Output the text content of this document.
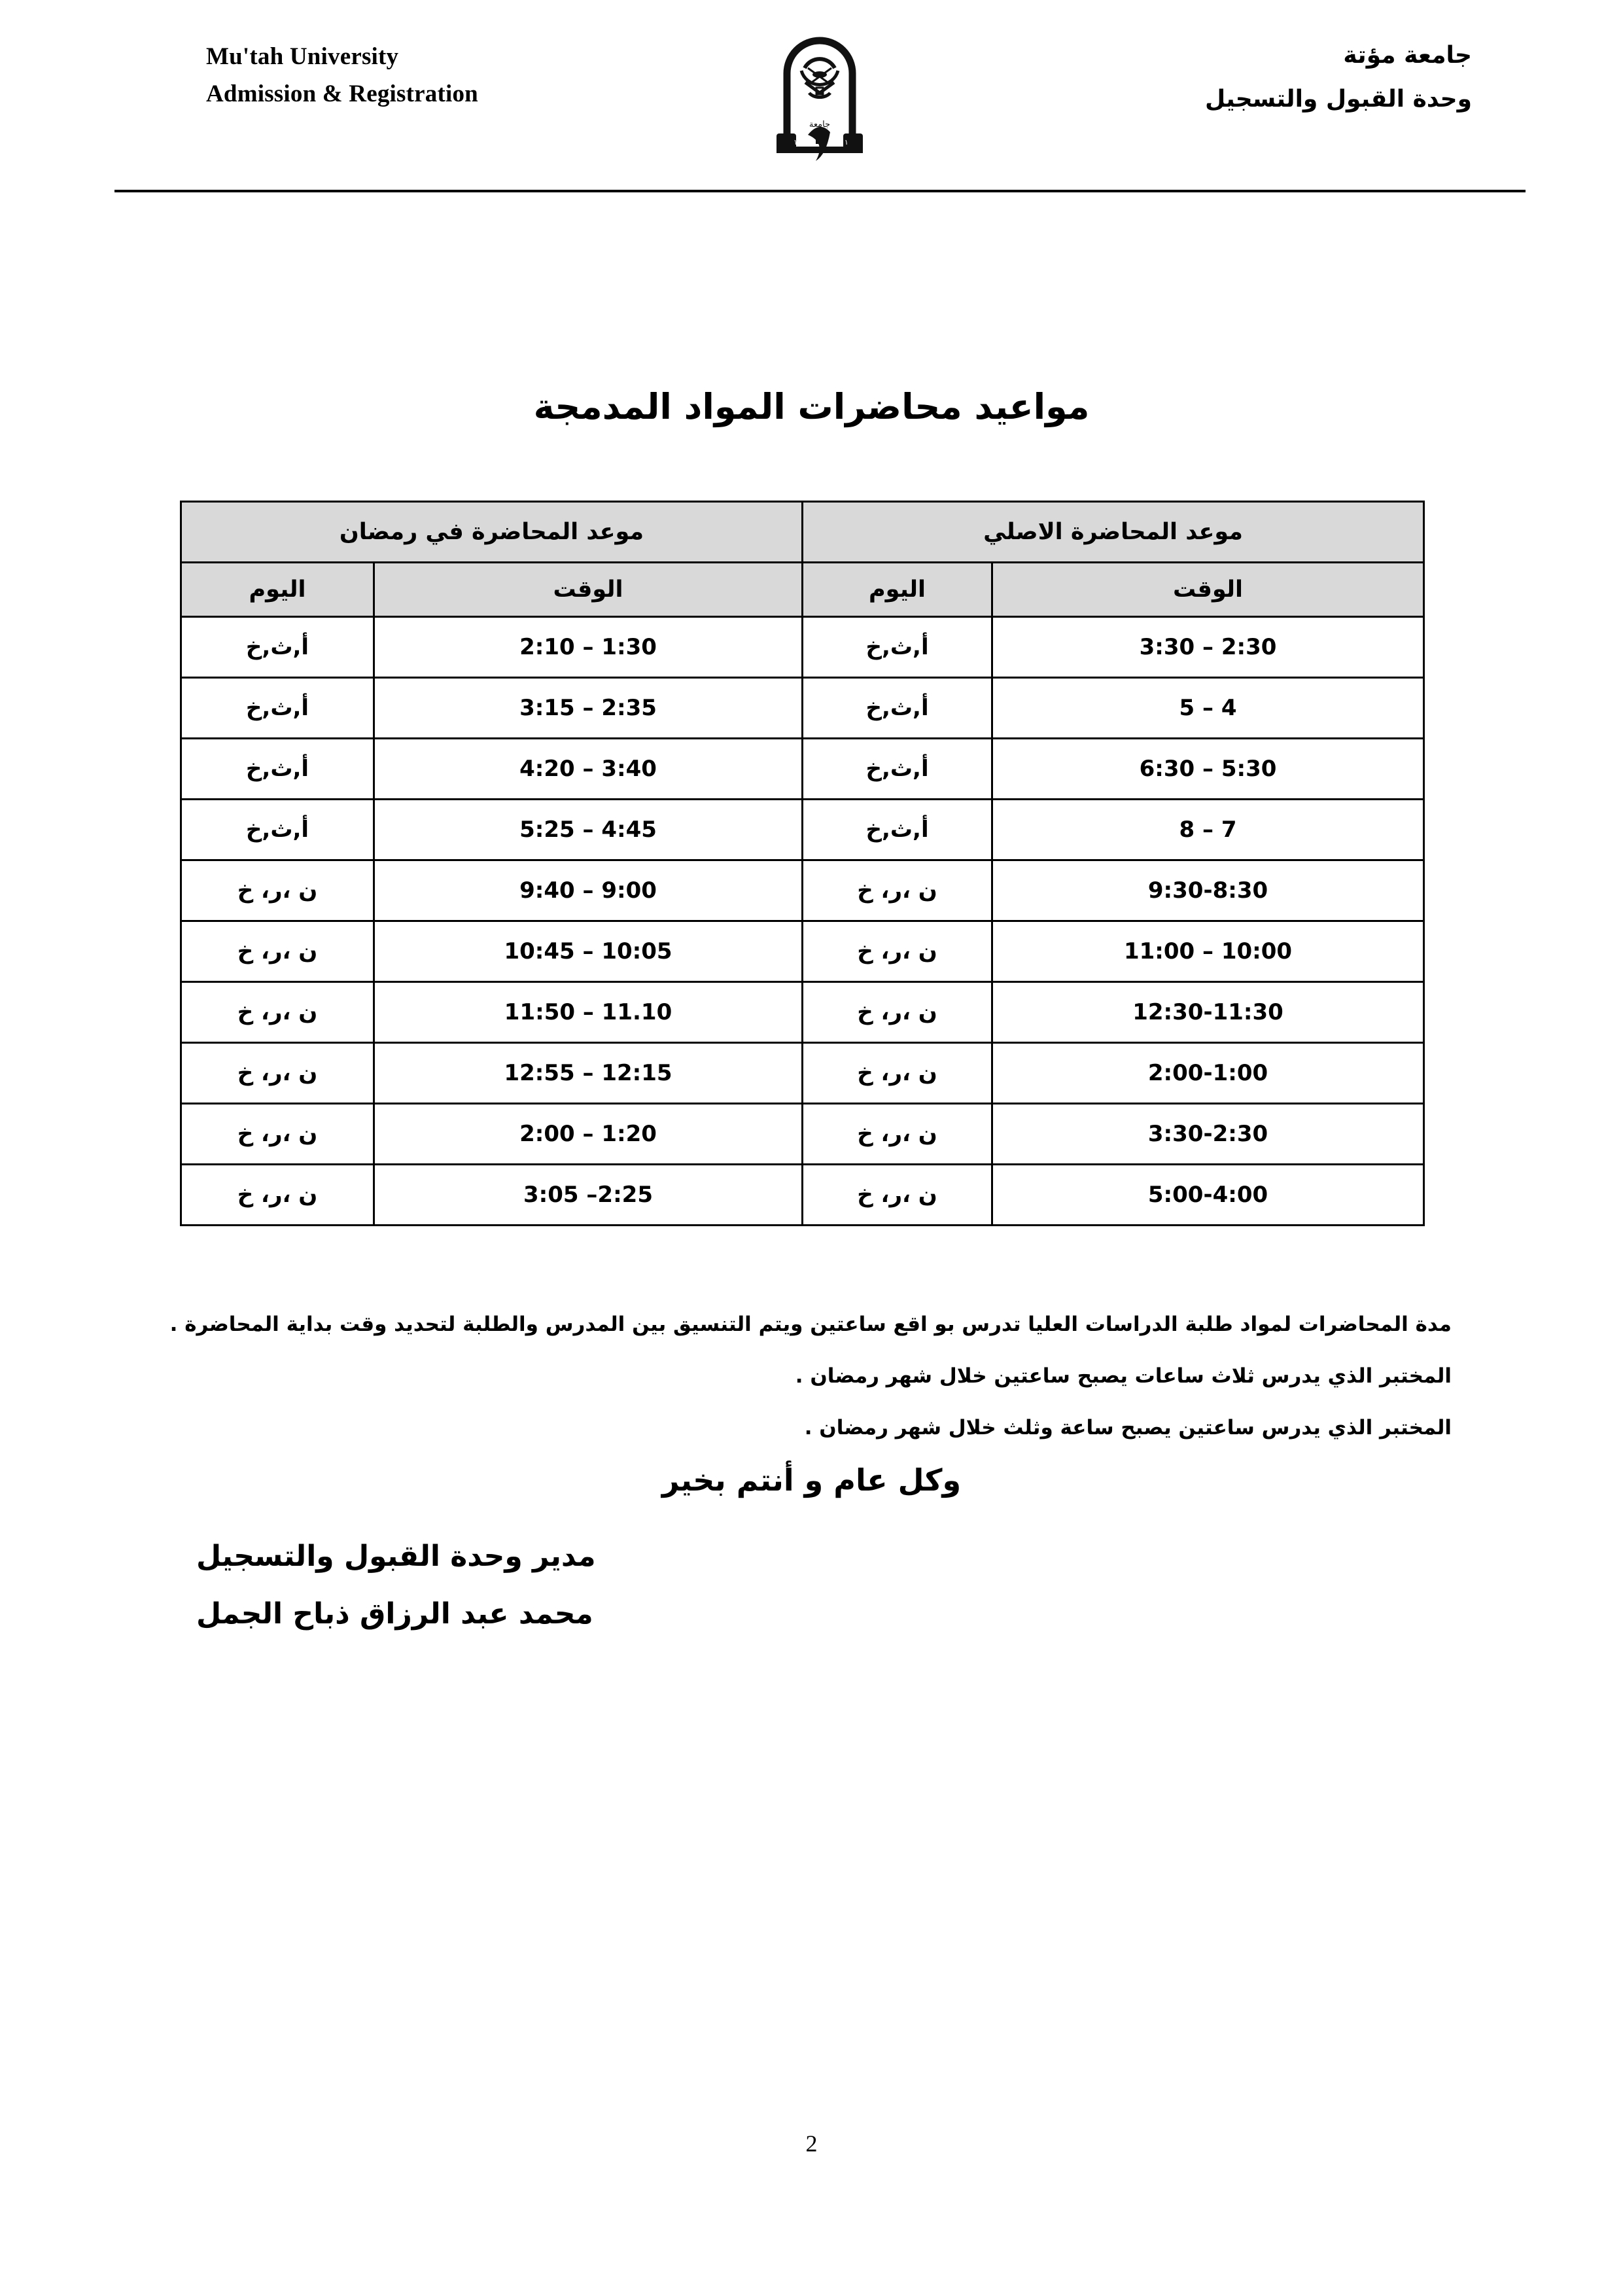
Mu'tah University
Admission & Registration
جامعة
١٩٨١	١٤٠١
جامعة مؤتة
وحدة القبول والتسجيل
مواعيد محاضرات المواد المدمجة
موعد المحاضرة في رمضان		موعد المحاضرة الاصلي	
اليوم	الوقت	اليوم	الوقت
أ,ث,خ	2:10 – 1:30	أ,ث,خ	3:30 – 2:30
أ,ث,خ	3:15 – 2:35	أ,ث,خ	5 – 4
أ,ث,خ	4:20 – 3:40	أ,ث,خ	6:30 – 5:30
أ,ث,خ	5:25 – 4:45	أ,ث,خ	8 – 7
ن ،ر، خ	9:40 – 9:00	ن ،ر، خ	9:30-8:30
ن ،ر، خ	10:45 – 10:05	ن ،ر، خ	11:00 – 10:00
ن ،ر، خ	11:50 – 11.10	ن ،ر، خ	12:30-11:30
ن ،ر، خ	12:55 – 12:15	ن ،ر، خ	2:00-1:00
ن ،ر، خ	2:00 – 1:20	ن ،ر، خ	3:30-2:30
ن ،ر، خ	3:05 –2:25	ن ،ر، خ	5:00-4:00
مدة المحاضرات لمواد طلبة الدراسات العليا تدرس بو اقع ساعتين ويتم التنسيق بين المدرس والطلبة لتحديد وقت بداية المحاضرة .
المختبر الذي يدرس ثلاث ساعات يصبح ساعتين خلال شهر رمضان .
المختبر الذي يدرس ساعتين يصبح ساعة وثلث خلال شهر رمضان .
وكل عام و أنتم بخير
مدير وحدة القبول والتسجيل
محمد عبد الرزاق ذباح الجمل
2
